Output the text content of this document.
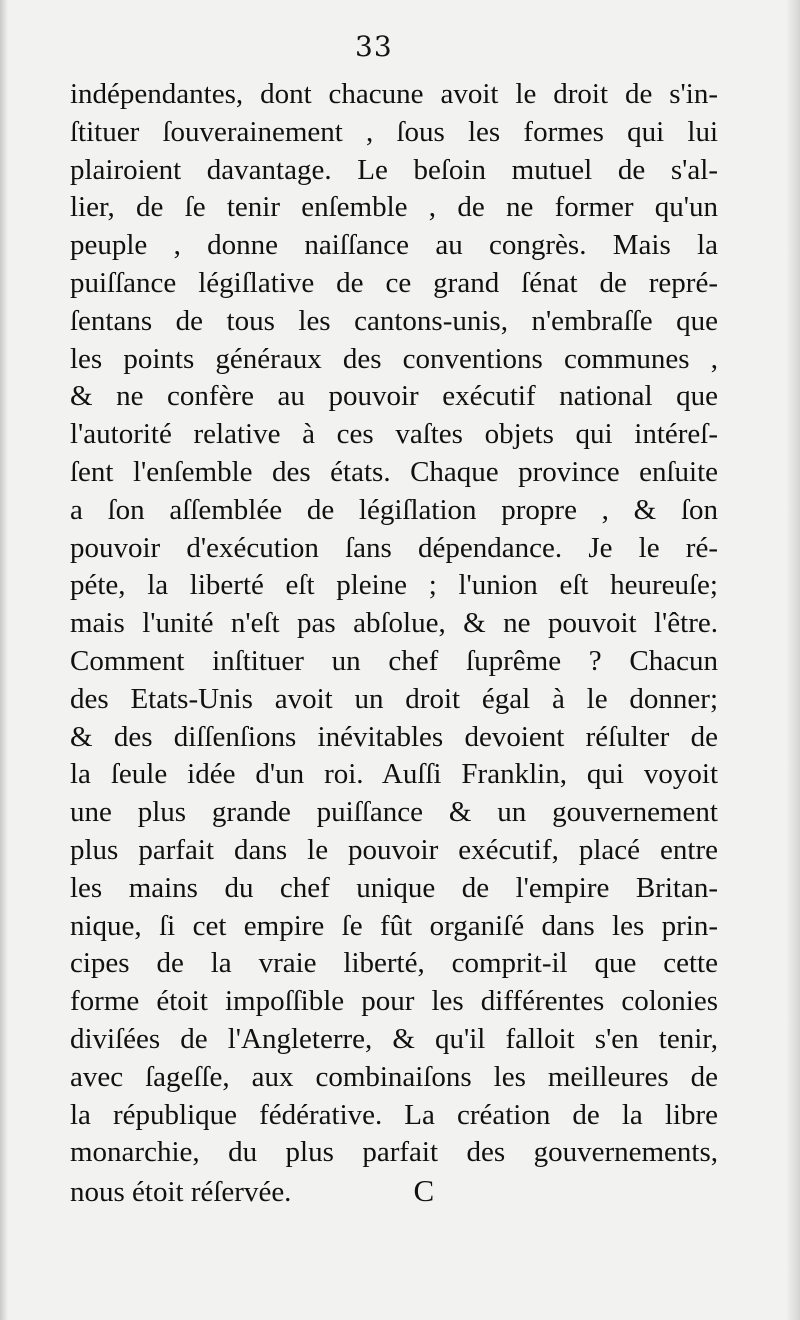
33
indépendantes, dont chacune avoit le droit de s'in-
ſtituer ſouverainement , ſous les formes qui lui
plairoient davantage. Le beſoin mutuel de s'al-
lier, de ſe tenir enſemble , de ne former qu'un
peuple , donne naiſſance au congrès. Mais la
puiſſance légiſlative de ce grand ſénat de repré-
ſentans de tous les cantons-unis, n'embraſſe que
les points généraux des conventions communes ,
& ne confère au pouvoir exécutif national que
l'autorité relative à ces vaſtes objets qui intéreſ-
ſent l'enſemble des états. Chaque province enſuite
a ſon aſſemblée de légiſlation propre , & ſon
pouvoir d'exécution ſans dépendance. Je le ré-
péte, la liberté eſt pleine ; l'union eſt heureuſe;
mais l'unité n'eſt pas abſolue, & ne pouvoit l'être.
Comment inſtituer un chef ſuprême ? Chacun
des Etats-Unis avoit un droit égal à le donner;
& des diſſenſions inévitables devoient réſulter de
la ſeule idée d'un roi. Auſſi Franklin, qui voyoit
une plus grande puiſſance & un gouvernement
plus parfait dans le pouvoir exécutif, placé entre
les mains du chef unique de l'empire Britan-
nique, ſi cet empire ſe fût organiſé dans les prin-
cipes de la vraie liberté, comprit-il que cette
forme étoit impoſſible pour les différentes colonies
diviſées de l'Angleterre, & qu'il falloit s'en tenir,
avec ſageſſe, aux combinaiſons les meilleures de
la république fédérative. La création de la libre
monarchie, du plus parfait des gouvernements,
nous étoit réſervée.	C
